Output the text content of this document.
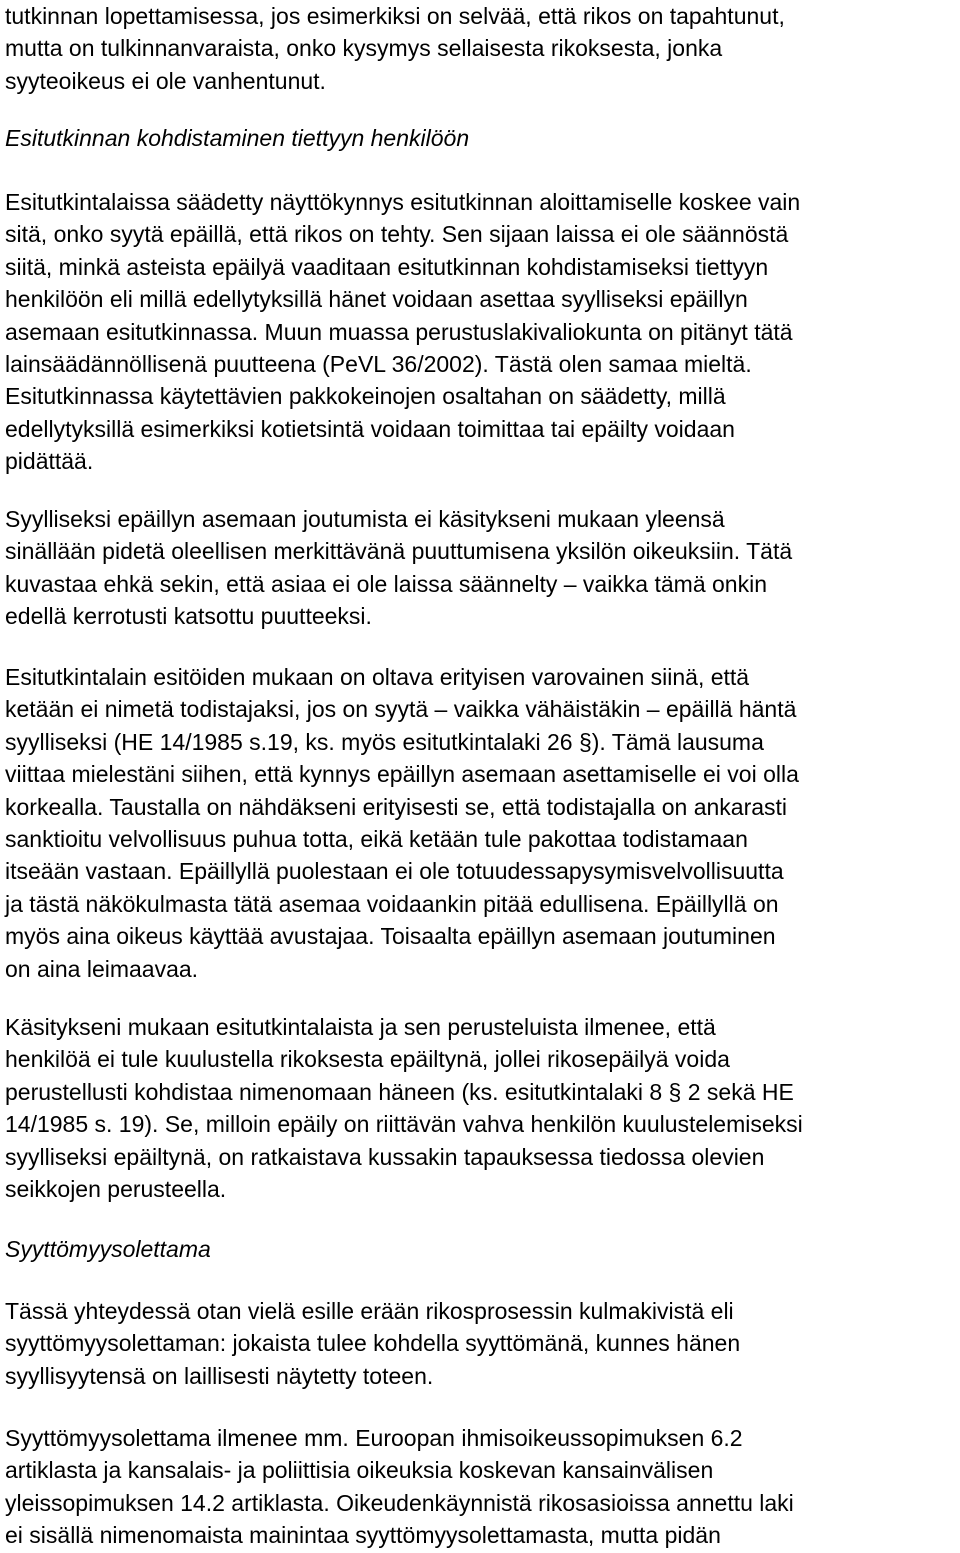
tutkinnan lopettamisessa, jos esimerkiksi on selvää, että rikos on tapahtunut,
mutta on tulkinnanvaraista, onko kysymys sellaisesta rikoksesta, jonka
syyteoikeus ei ole vanhentunut.
Esitutkinnan kohdistaminen tiettyyn henkilöön
Esitutkintalaissa säädetty näyttökynnys esitutkinnan aloittamiselle koskee vain
sitä, onko syytä epäillä, että rikos on tehty. Sen sijaan laissa ei ole säännöstä
siitä, minkä asteista epäilyä vaaditaan esitutkinnan kohdistamiseksi tiettyyn
henkilöön eli millä edellytyksillä hänet voidaan asettaa syylliseksi epäillyn
asemaan esitutkinnassa. Muun muassa perustuslakivaliokunta on pitänyt tätä
lainsäädännöllisenä puutteena (PeVL 36/2002). Tästä olen samaa mieltä.
Esitutkinnassa käytettävien pakkokeinojen osaltahan on säädetty, millä
edellytyksillä esimerkiksi kotietsintä voidaan toimittaa tai epäilty voidaan
pidättää.
Syylliseksi epäillyn asemaan joutumista ei käsitykseni mukaan yleensä
sinällään pidetä oleellisen merkittävänä puuttumisena yksilön oikeuksiin. Tätä
kuvastaa ehkä sekin, että asiaa ei ole laissa säännelty – vaikka tämä onkin
edellä kerrotusti katsottu puutteeksi.
Esitutkintalain esitöiden mukaan on oltava erityisen varovainen siinä, että
ketään ei nimetä todistajaksi, jos on syytä – vaikka vähäistäkin – epäillä häntä
syylliseksi (HE 14/1985 s.19, ks. myös esitutkintalaki 26 §). Tämä lausuma
viittaa mielestäni siihen, että kynnys epäillyn asemaan asettamiselle ei voi olla
korkealla. Taustalla on nähdäkseni erityisesti se, että todistajalla on ankarasti
sanktioitu velvollisuus puhua totta, eikä ketään tule pakottaa todistamaan
itseään vastaan. Epäillyllä puolestaan ei ole totuudessapysymisvelvollisuutta
ja tästä näkökulmasta tätä asemaa voidaankin pitää edullisena. Epäillyllä on
myös aina oikeus käyttää avustajaa. Toisaalta epäillyn asemaan joutuminen
on aina leimaavaa.
Käsitykseni mukaan esitutkintalaista ja sen perusteluista ilmenee, että
henkilöä ei tule kuulustella rikoksesta epäiltynä, jollei rikosepäilyä voida
perustellusti kohdistaa nimenomaan häneen (ks. esitutkintalaki 8 § 2 sekä HE
14/1985 s. 19). Se, milloin epäily on riittävän vahva henkilön kuulustelemiseksi
syylliseksi epäiltynä, on ratkaistava kussakin tapauksessa tiedossa olevien
seikkojen perusteella.
Syyttömyysolettama
Tässä yhteydessä otan vielä esille erään rikosprosessin kulmakivistä eli
syyttömyysolettaman: jokaista tulee kohdella syyttömänä, kunnes hänen
syyllisyytensä on laillisesti näytetty toteen.
Syyttömyysolettama ilmenee mm. Euroopan ihmisoikeussopimuksen 6.2
artiklasta ja kansalais- ja poliittisia oikeuksia koskevan kansainvälisen
yleissopimuksen 14.2 artiklasta. Oikeudenkäynnistä rikosasioissa annettu laki
ei sisällä nimenomaista mainintaa syyttömyysolettamasta, mutta pidän
